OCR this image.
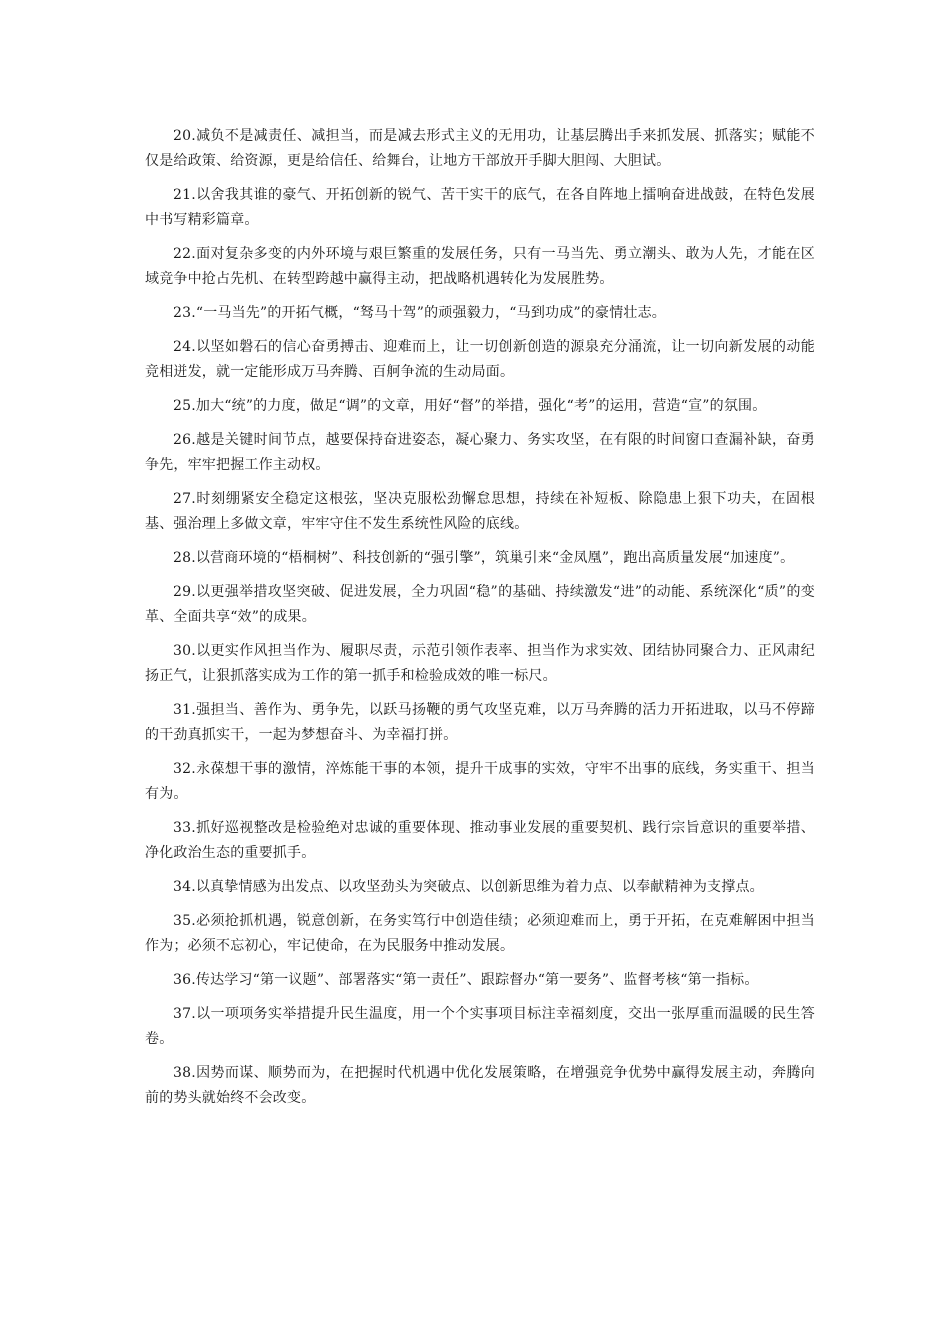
20.减负不是减责任、减担当，而是减去形式主义的无用功，让基层腾出手来抓发展、抓落实；赋能不仅是给政策、给资源，更是给信任、给舞台，让地方干部放开手脚大胆闯、大胆试。

21.以舍我其谁的豪气、开拓创新的锐气、苦干实干的底气，在各自阵地上擂响奋进战鼓，在特色发展中书写精彩篇章。

22.面对复杂多变的内外环境与艰巨繁重的发展任务，只有一马当先、勇立潮头、敢为人先，才能在区域竞争中抢占先机、在转型跨越中赢得主动，把战略机遇转化为发展胜势。

23.“一马当先”的开拓气概，“驽马十驾”的顽强毅力，“马到功成”的豪情壮志。

24.以坚如磐石的信心奋勇搏击、迎难而上，让一切创新创造的源泉充分涌流，让一切向新发展的动能竞相迸发，就一定能形成万马奔腾、百舸争流的生动局面。

25.加大“统”的力度，做足“调”的文章，用好“督”的举措，强化“考”的运用，营造“宣”的氛围。

26.越是关键时间节点，越要保持奋进姿态，凝心聚力、务实攻坚，在有限的时间窗口查漏补缺，奋勇争先，牢牢把握工作主动权。

27.时刻绷紧安全稳定这根弦，坚决克服松劲懈怠思想，持续在补短板、除隐患上狠下功夫，在固根基、强治理上多做文章，牢牢守住不发生系统性风险的底线。

28.以营商环境的“梧桐树”、科技创新的“强引擎”，筑巢引来“金凤凰”，跑出高质量发展“加速度”。

29.以更强举措攻坚突破、促进发展，全力巩固“稳”的基础、持续激发“进”的动能、系统深化“质”的变革、全面共享“效”的成果。

30.以更实作风担当作为、履职尽责，示范引领作表率、担当作为求实效、团结协同聚合力、正风肃纪扬正气，让狠抓落实成为工作的第一抓手和检验成效的唯一标尺。

31.强担当、善作为、勇争先，以跃马扬鞭的勇气攻坚克难，以万马奔腾的活力开拓进取，以马不停蹄的干劲真抓实干，一起为梦想奋斗、为幸福打拼。

32.永葆想干事的激情，淬炼能干事的本领，提升干成事的实效，守牢不出事的底线，务实重干、担当有为。

33.抓好巡视整改是检验绝对忠诚的重要体现、推动事业发展的重要契机、践行宗旨意识的重要举措、净化政治生态的重要抓手。

34.以真挚情感为出发点、以攻坚劲头为突破点、以创新思维为着力点、以奉献精神为支撑点。

35.必须抢抓机遇，锐意创新，在务实笃行中创造佳绩；必须迎难而上，勇于开拓，在克难解困中担当作为；必须不忘初心，牢记使命，在为民服务中推动发展。

36.传达学习“第一议题”、部署落实“第一责任”、跟踪督办“第一要务”、监督考核“第一指标。

37.以一项项务实举措提升民生温度，用一个个实事项目标注幸福刻度，交出一张厚重而温暖的民生答卷。

38.因势而谋、顺势而为，在把握时代机遇中优化发展策略，在增强竞争优势中赢得发展主动，奔腾向前的势头就始终不会改变。
